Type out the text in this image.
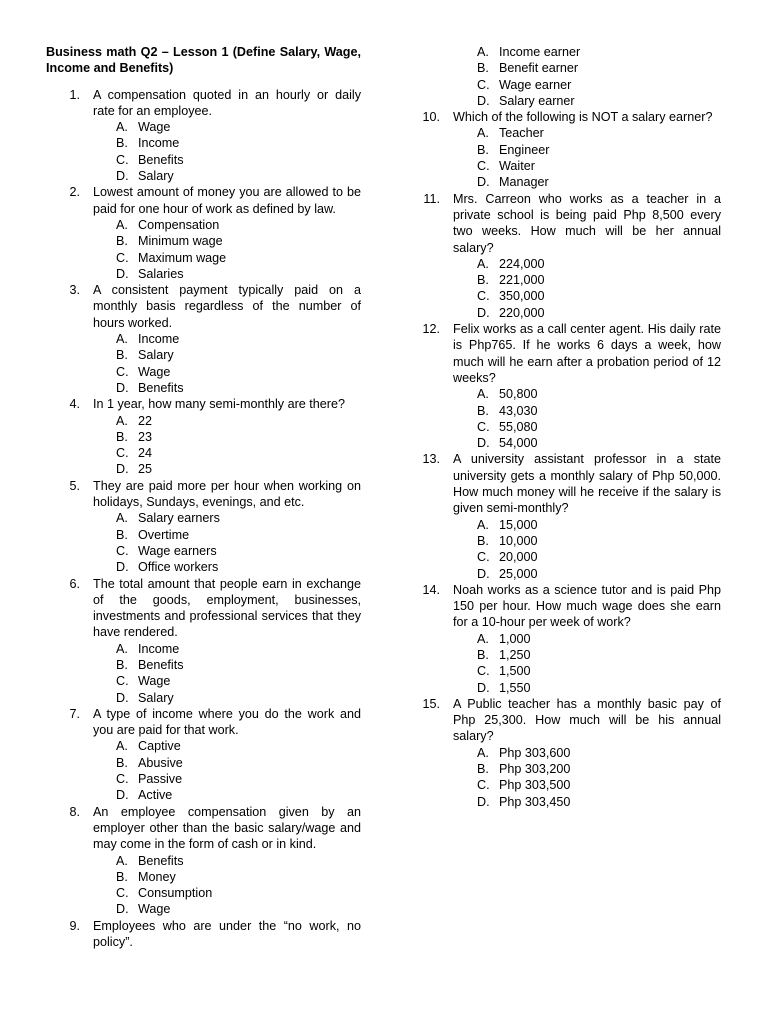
Business math Q2 – Lesson 1 (Define Salary, Wage, Income and Benefits)
1.	A compensation quoted in an hourly or daily rate for an employee.
A. Wage
B. Income
C. Benefits
D. Salary
2.	Lowest amount of money you are allowed to be paid for one hour of work as defined by law.
A. Compensation
B. Minimum wage
C. Maximum wage
D. Salaries
3.	A consistent payment typically paid on a monthly basis regardless of the number of hours worked.
A. Income
B. Salary
C. Wage
D. Benefits
4.	In 1 year, how many semi-monthly are there?
A. 22
B. 23
C. 24
D. 25
5.	They are paid more per hour when working on holidays, Sundays, evenings, and etc.
A. Salary earners
B. Overtime
C. Wage earners
D. Office workers
6.	The total amount that people earn in exchange of the goods, employment, businesses, investments and professional services that they have rendered.
A. Income
B. Benefits
C. Wage
D. Salary
7.	A type of income where you do the work and you are paid for that work.
A. Captive
B. Abusive
C. Passive
D. Active
8.	An employee compensation given by an employer other than the basic salary/wage and may come in the form of cash or in kind.
A. Benefits
B. Money
C. Consumption
D. Wage
9.	Employees who are under the “no work, no policy”.
A. Income earner
B. Benefit earner
C. Wage earner
D. Salary earner
10.	Which of the following is NOT a salary earner?
A. Teacher
B. Engineer
C. Waiter
D. Manager
11.	Mrs. Carreon who works as a teacher in a private school is being paid Php 8,500 every two weeks. How much will be her annual salary?
A. 224,000
B. 221,000
C. 350,000
D. 220,000
12.	Felix works as a call center agent. His daily rate is Php765. If he works 6 days a week, how much will he earn after a probation period of 12 weeks?
A. 50,800
B. 43,030
C. 55,080
D. 54,000
13.	A university assistant professor in a state university gets a monthly salary of Php 50,000. How much money will he receive if the salary is given semi-monthly?
A. 15,000
B. 10,000
C. 20,000
D. 25,000
14.	Noah works as a science tutor and is paid Php 150 per hour. How much wage does she earn for a 10-hour per week of work?
A. 1,000
B. 1,250
C. 1,500
D. 1,550
15.	A Public teacher has a monthly basic pay of Php 25,300. How much will be his annual salary?
A. Php 303,600
B. Php 303,200
C. Php 303,500
D. Php 303,450
